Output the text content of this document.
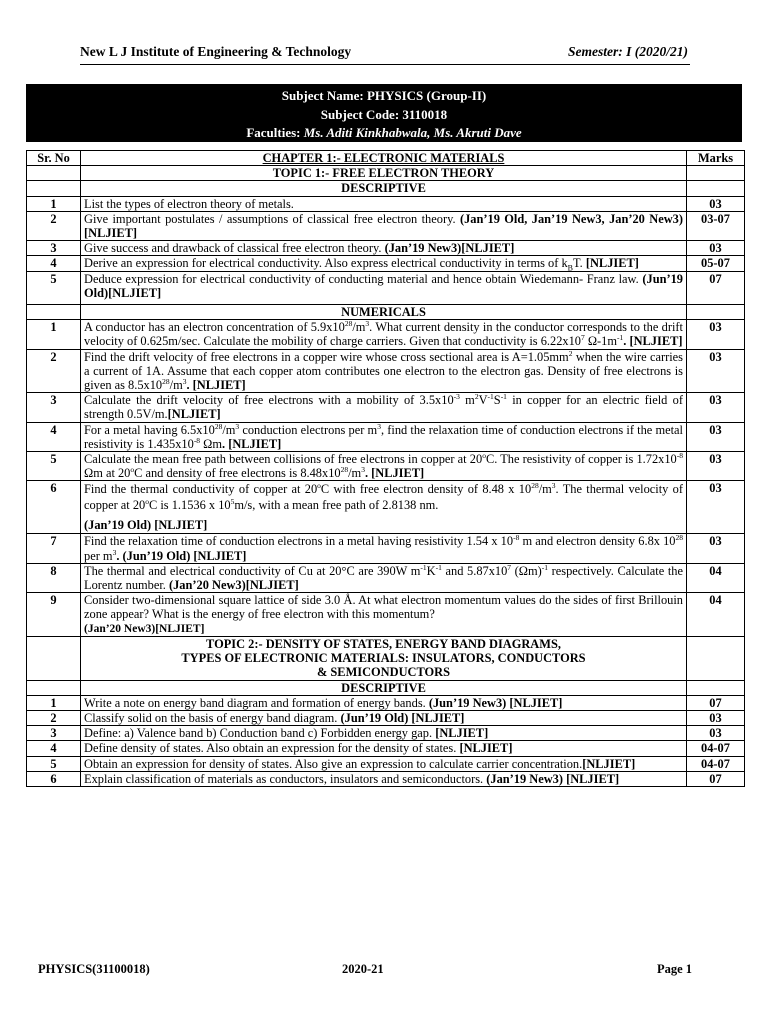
New L J Institute of Engineering & Technology	Semester: I (2020/21)
Subject Name: PHYSICS (Group-II)
Subject Code: 3110018
Faculties: Ms. Aditi Kinkhabwala, Ms. Akruti Dave
Sr. No	CHAPTER 1:- ELECTRONIC MATERIALS	Marks
	TOPIC 1:- FREE ELECTRON THEORY	
	DESCRIPTIVE	
1	List the types of electron theory of metals.	03
2	Give important postulates / assumptions of classical free electron theory. (Jan’19 Old, Jan’19 New3, Jan’20 New3)[NLJIET]	03-07
3	Give success and drawback of classical free electron theory. (Jan’19 New3)[NLJIET]	03
4	Derive an expression for electrical conductivity. Also express electrical conductivity in terms of $k_BT$. [NLJIET]	05-07
5	Deduce expression for electrical conductivity of conducting material and hence obtain Wiedemann- Franz law. (Jun’19 Old)[NLJIET]	07
	NUMERICALS	
1	A conductor has an electron concentration of $5.9x10^{28}/m^3$. What current density in the conductor corresponds to the drift velocity of 0.625m/sec. Calculate the mobility of charge carriers. Given that conductivity is $6.22x10^7$ $\Omega-1m^{-1}$. [NLJIET]	03
2	Find the drift velocity of free electrons in a copper wire whose cross sectional area is $A=1.05mm^2$ when the wire carries a current of 1A. Assume that each copper atom contributes one electron to the electron gas. Density of free electrons is given as $8.5x10^{28}/m^3$. [NLJIET]	03
3	Calculate the drift velocity of free electrons with a mobility of $3.5x10^{-3}$ $m^2V^{-1}S^{-1}$ in copper for an electric field of strength 0.5V/m.[NLJIET]	03
4	For a metal having $6.5x10^{28}/m^3$ conduction electrons per $m^3$, find the relaxation time of conduction electrons if the metal resistivity is $1.435x10^{-8}$ Ωm. [NLJIET]	03
5	Calculate the mean free path between collisions of free electrons in copper at 20$^o$C. The resistivity of copper is $1.72x10^{-8}$ Ωm at 20$^o$C and density of free electrons is $8.48x10^{28}/m^3$. [NLJIET]	03
6	Find the thermal conductivity of copper at 20$^o$C with free electron density of 8.48 x $10^{28}/m^3$. The thermal velocity of copper at 20$^o$C is 1.1536 x $10^5m/s$, with a mean free path of 2.8138 nm.
(Jan’19 Old) [NLJIET]	03
7	Find the relaxation time of conduction electrons in a metal having resistivity 1.54 x $10^{-8}$ m and electron density 6.8x $10^{28}$ per $m^3$. (Jun’19 Old) [NLJIET]	03
8	The thermal and electrical conductivity of Cu at 20°C are 390W $m^{-1}K^{-1}$ and $5.87x10^7$ $(\Omega m)^{-1}$ respectively. Calculate the Lorentz number. (Jan’20 New3)[NLJIET]	04
9	Consider two-dimensional square lattice of side 3.0 Å. At what electron momentum values do the sides of first Brillouin zone appear? What is the energy of free electron with this momentum?
(Jan’20 New3)[NLJIET]	04

	TOPIC 2:- DENSITY OF STATES, ENERGY BAND DIAGRAMS,
TYPES OF ELECTRONIC MATERIALS: INSULATORS, CONDUCTORS
& SEMICONDUCTORS	

	DESCRIPTIVE	
1	Write a note on energy band diagram and formation of energy bands. (Jun’19 New3) [NLJIET]	07
2	Classify solid on the basis of energy band diagram. (Jun’19 Old) [NLJIET]	03
3	Define: a) Valence band b) Conduction band c) Forbidden energy gap. [NLJIET]	03
4	Define density of states. Also obtain an expression for the density of states. [NLJIET]	04-07
5	Obtain an expression for density of states. Also give an expression to calculate carrier concentration.[NLJIET]	04-07
6	Explain classification of materials as conductors, insulators and semiconductors. (Jan’19 New3) [NLJIET]	07
PHYSICS(31100018)	2020-21	Page 1
